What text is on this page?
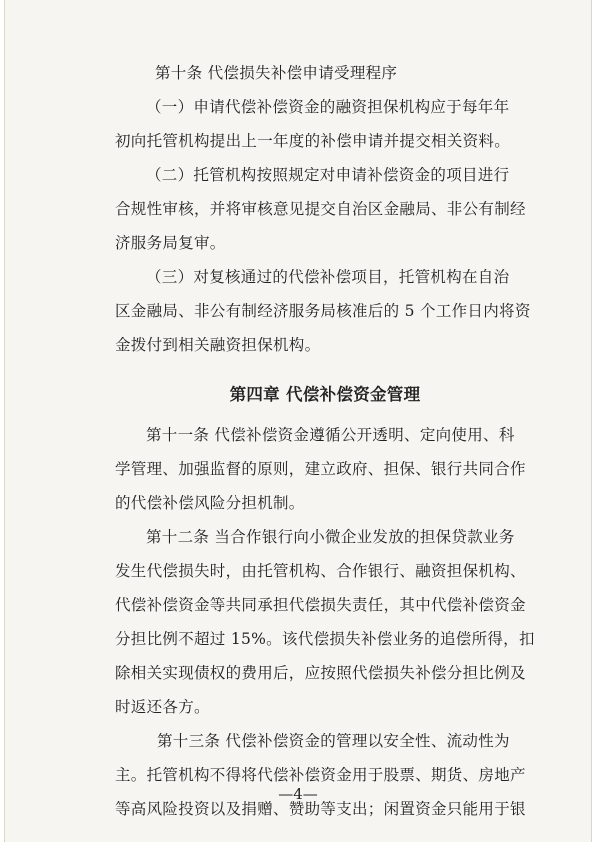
第十条 代偿损失补偿申请受理程序
（一）申请代偿补偿资金的融资担保机构应于每年年
初向托管机构提出上一年度的补偿申请并提交相关资料。
（二）托管机构按照规定对申请补偿资金的项目进行
合规性审核，并将审核意见提交自治区金融局、非公有制经
济服务局复审。
（三）对复核通过的代偿补偿项目，托管机构在自治
区金融局、非公有制经济服务局核准后的 5 个工作日内将资
金拨付到相关融资担保机构。
第四章 代偿补偿资金管理
第十一条 代偿补偿资金遵循公开透明、定向使用、科
学管理、加强监督的原则，建立政府、担保、银行共同合作
的代偿补偿风险分担机制。
第十二条 当合作银行向小微企业发放的担保贷款业务
发生代偿损失时，由托管机构、合作银行、融资担保机构、
代偿补偿资金等共同承担代偿损失责任，其中代偿补偿资金
分担比例不超过 15%。该代偿损失补偿业务的追偿所得，扣
除相关实现债权的费用后，应按照代偿损失补偿分担比例及
时返还各方。
第十三条 代偿补偿资金的管理以安全性、流动性为
主。托管机构不得将代偿补偿资金用于股票、期货、房地产
等高风险投资以及捐赠、赞助等支出；闲置资金只能用于银
—4—
